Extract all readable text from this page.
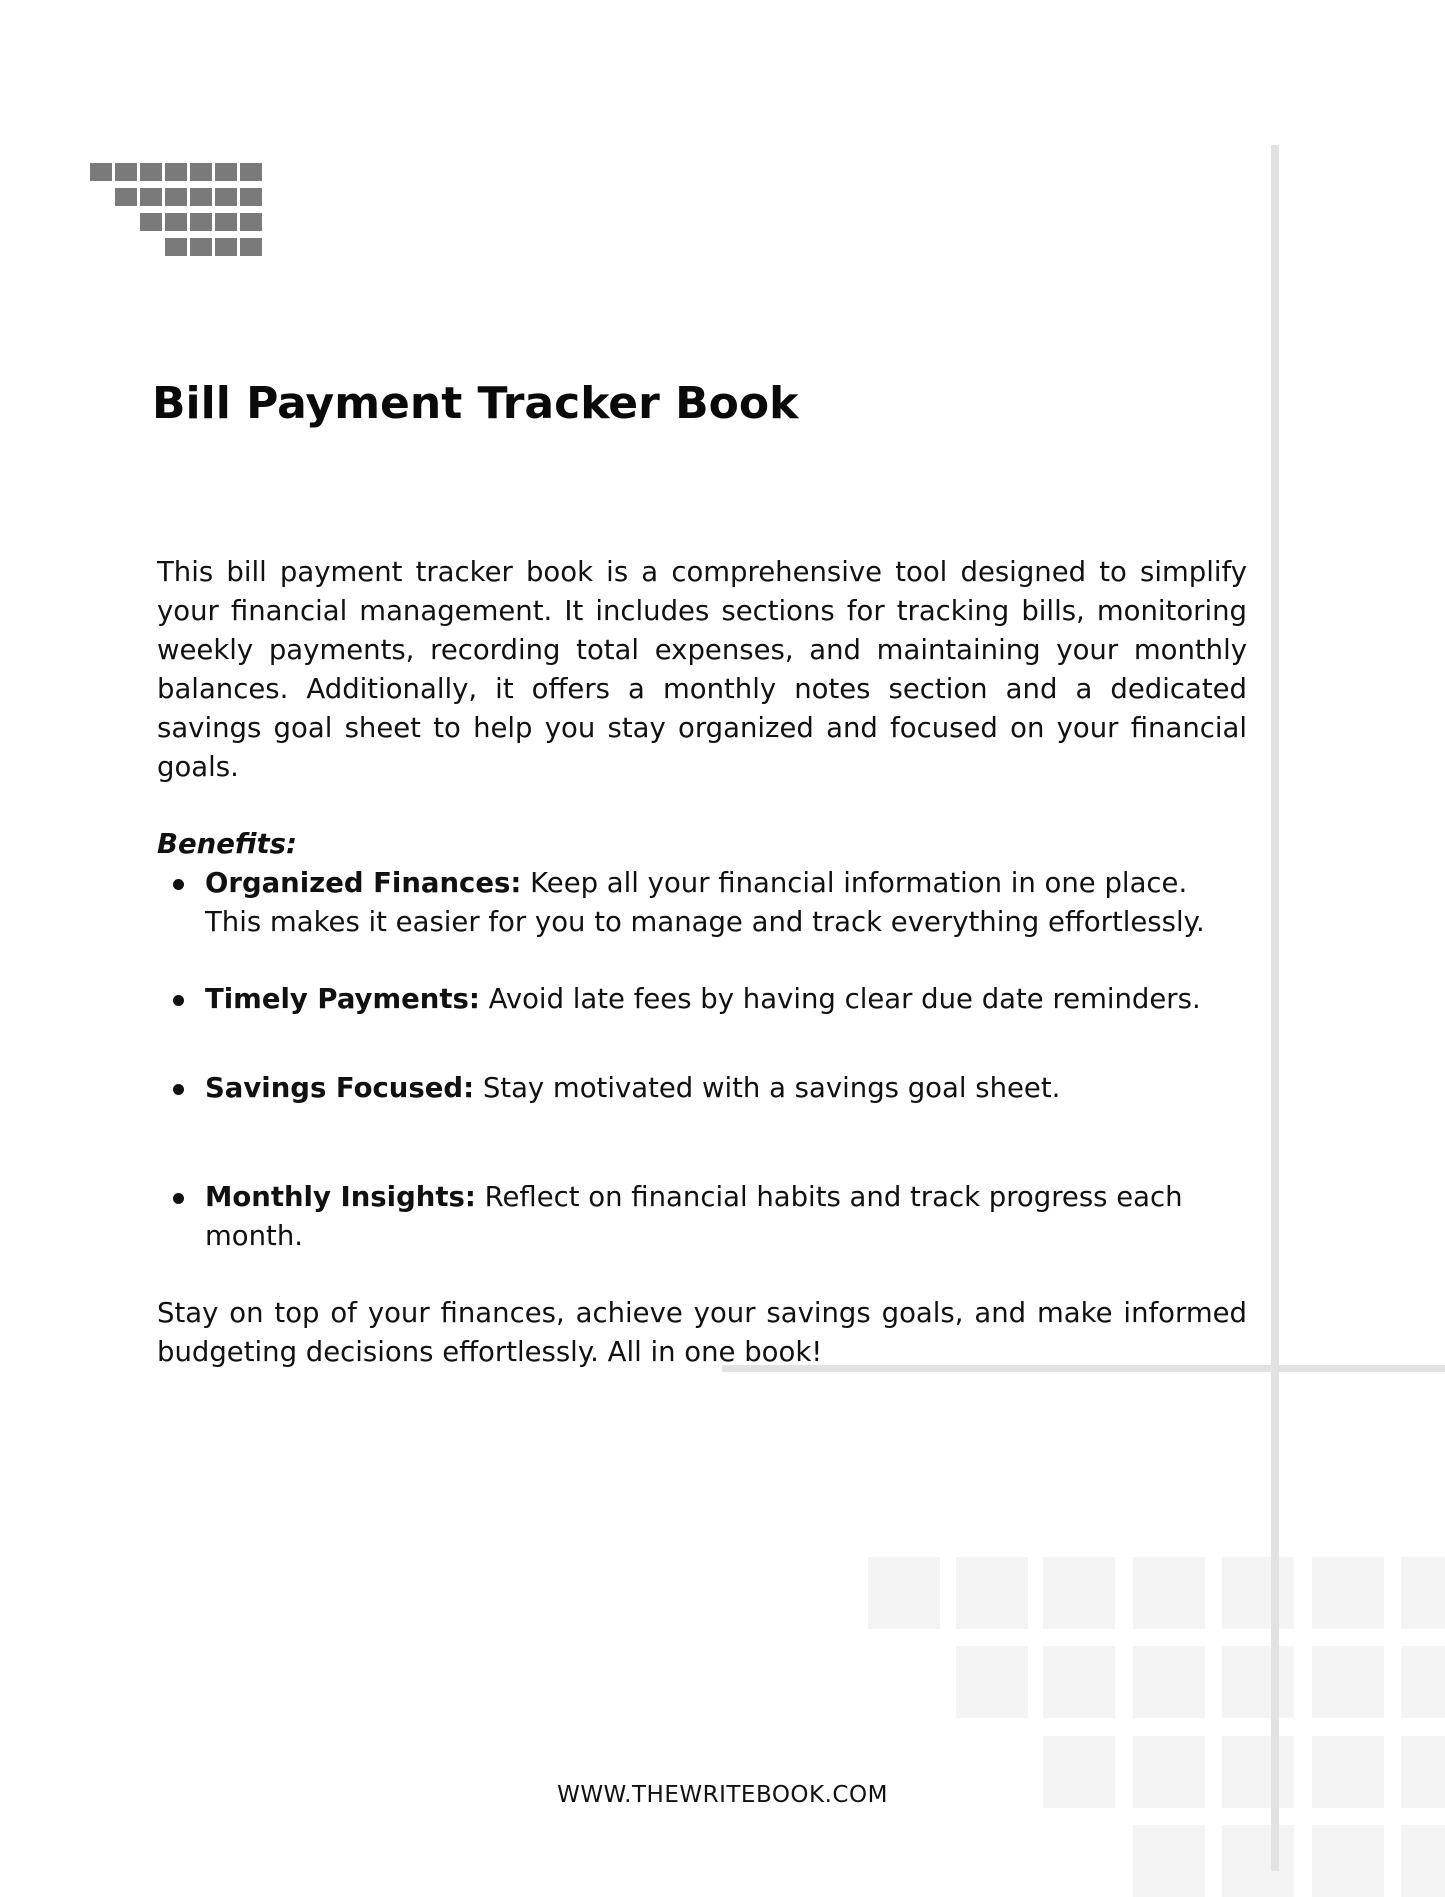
Bill Payment Tracker Book

This bill payment tracker book is a comprehensive tool designed to simplify your financial management. It includes sections for tracking bills, monitoring weekly payments, recording total expenses, and maintaining your monthly balances. Additionally, it offers a monthly notes section and a dedicated savings goal sheet to help you stay organized and focused on your financial goals.

Benefits:

Organized Finances: Keep all your financial information in one place.
This makes it easier for you to manage and track everything effortlessly.
Timely Payments: Avoid late fees by having clear due date reminders.
Savings Focused: Stay motivated with a savings goal sheet.
Monthly Insights: Reflect on financial habits and track progress each month.

Stay on top of your finances, achieve your savings goals, and make informed budgeting decisions effortlessly. All in one book!

WWW.THEWRITEBOOK.COM
